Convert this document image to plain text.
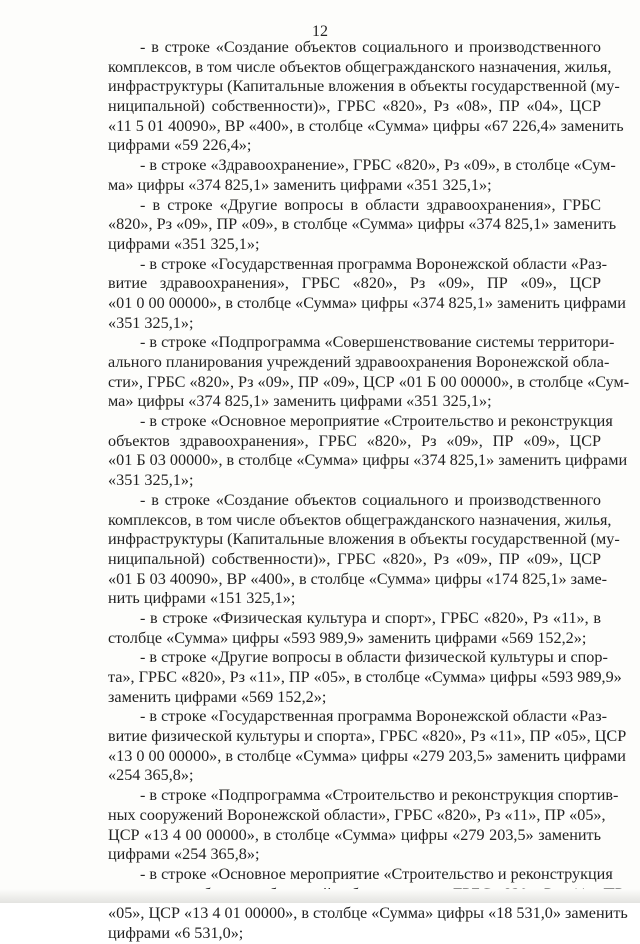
12

- в строке «Создание объектов социального и производственного
комплексов, в том числе объектов общегражданского назначения, жилья,
инфраструктуры (Капитальные вложения в объекты государственной (му-
ниципальной) собственности)», ГРБС «820», Рз «08», ПР «04», ЦСР
«11 5 01 40090», ВР «400», в столбце «Сумма» цифры «67 226,4» заменить
цифрами «59 226,4»;

- в строке «Здравоохранение», ГРБС «820», Рз «09», в столбце «Сум-
ма» цифры «374 825,1» заменить цифрами «351 325,1»;

- в строке «Другие вопросы в области здравоохранения», ГРБС
«820», Рз «09», ПР «09», в столбце «Сумма» цифры «374 825,1» заменить
цифрами «351 325,1»;

- в строке «Государственная программа Воронежской области «Раз-
витие здравоохранения», ГРБС «820», Рз «09», ПР «09», ЦСР
«01 0 00 00000», в столбце «Сумма» цифры «374 825,1» заменить цифрами
«351 325,1»;

- в строке «Подпрограмма «Совершенствование системы территори-
ального планирования учреждений здравоохранения Воронежской обла-
сти», ГРБС «820», Рз «09», ПР «09», ЦСР «01 Б 00 00000», в столбце «Сум-
ма» цифры «374 825,1» заменить цифрами «351 325,1»;

- в строке «Основное мероприятие «Строительство и реконструкция
объектов здравоохранения», ГРБС «820», Рз «09», ПР «09», ЦСР
«01 Б 03 00000», в столбце «Сумма» цифры «374 825,1» заменить цифрами
«351 325,1»;

- в строке «Создание объектов социального и производственного
комплексов, в том числе объектов общегражданского назначения, жилья,
инфраструктуры (Капитальные вложения в объекты государственной (му-
ниципальной) собственности)», ГРБС «820», Рз «09», ПР «09», ЦСР
«01 Б 03 40090», ВР «400», в столбце «Сумма» цифры «174 825,1» заме-
нить цифрами «151 325,1»;

- в строке «Физическая культура и спорт», ГРБС «820», Рз «11», в
столбце «Сумма» цифры «593 989,9» заменить цифрами «569 152,2»;

- в строке «Другие вопросы в области физической культуры и спор-
та», ГРБС «820», Рз «11», ПР «05», в столбце «Сумма» цифры «593 989,9»
заменить цифрами «569 152,2»;

- в строке «Государственная программа Воронежской области «Раз-
витие физической культуры и спорта», ГРБС «820», Рз «11», ПР «05», ЦСР
«13 0 00 00000», в столбце «Сумма» цифры «279 203,5» заменить цифрами
«254 365,8»;

- в строке «Подпрограмма «Строительство и реконструкция спортив-
ных сооружений Воронежской области», ГРБС «820», Рз «11», ПР «05»,
ЦСР «13 4 00 00000», в столбце «Сумма» цифры «279 203,5» заменить
цифрами «254 365,8»;

- в строке «Основное мероприятие «Строительство и реконструкция
«05», ЦСР «13 4 01 00000», в столбце «Сумма» цифры «18 531,0» заменить
цифрами «6 531,0»;
